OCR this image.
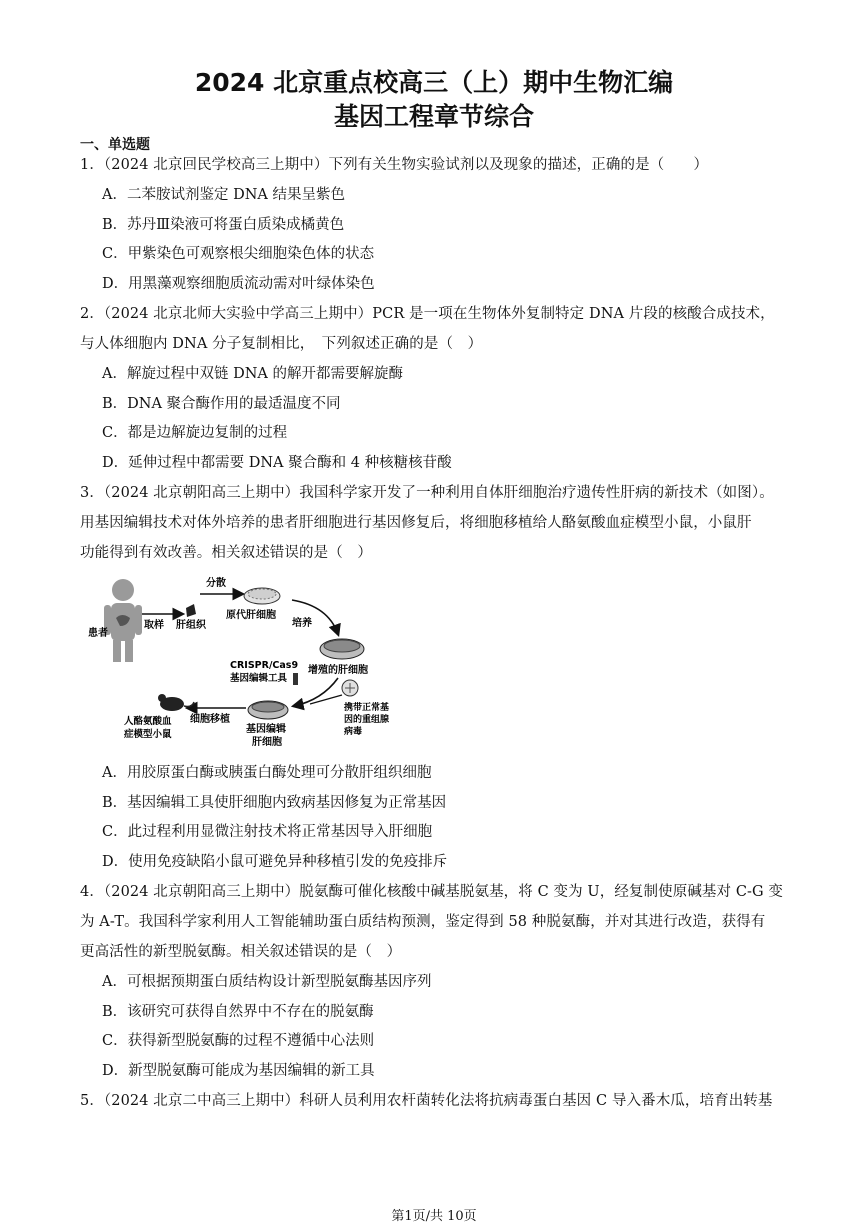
2024 北京重点校高三（上）期中生物汇编
基因工程章节综合
一、单选题
1．（2024 北京回民学校高三上期中）下列有关生物实验试剂以及现象的描述，正确的是（　　）
A．二苯胺试剂鉴定 DNA 结果呈紫色
B．苏丹Ⅲ染液可将蛋白质染成橘黄色
C．甲紫染色可观察根尖细胞染色体的状态
D．用黑藻观察细胞质流动需对叶绿体染色
2．（2024 北京北师大实验中学高三上期中）PCR 是一项在生物体外复制特定 DNA 片段的核酸合成技术，
与人体细胞内 DNA 分子复制相比，　下列叙述正确的是（　）
A．解旋过程中双链 DNA 的解开都需要解旋酶
B．DNA 聚合酶作用的最适温度不同
C．都是边解旋边复制的过程
D．延伸过程中都需要 DNA 聚合酶和 4 种核糖核苷酸
3．（2024 北京朝阳高三上期中）我国科学家开发了一种利用自体肝细胞治疗遗传性肝病的新技术（如图）。
用基因编辑技术对体外培养的患者肝细胞进行基因修复后，将细胞移植给人酪氨酸血症模型小鼠，小鼠肝
功能得到有效改善。相关叙述错误的是（　）
患者
取样 肝组织
分散
原代肝细胞
培养
增殖的肝细胞
CRISPR/Cas9
基因编辑工具
携带正常基
因的重组腺
病毒
基因编辑
肝细胞
细胞移植
人酪氨酸血
症模型小鼠
A．用胶原蛋白酶或胰蛋白酶处理可分散肝组织细胞
B．基因编辑工具使肝细胞内致病基因修复为正常基因
C．此过程利用显微注射技术将正常基因导入肝细胞
D．使用免疫缺陷小鼠可避免异种移植引发的免疫排斥
4．（2024 北京朝阳高三上期中）脱氨酶可催化核酸中碱基脱氨基，将 C 变为 U，经复制使原碱基对 C-G 变
为 A-T。我国科学家利用人工智能辅助蛋白质结构预测，鉴定得到 58 种脱氨酶，并对其进行改造，获得有
更高活性的新型脱氨酶。相关叙述错误的是（　）
A．可根据预期蛋白质结构设计新型脱氨酶基因序列
B．该研究可获得自然界中不存在的脱氨酶
C．获得新型脱氨酶的过程不遵循中心法则
D．新型脱氨酶可能成为基因编辑的新工具
5．（2024 北京二中高三上期中）科研人员利用农杆菌转化法将抗病毒蛋白基因 C 导入番木瓜，培育出转基
第1页/共 10页
